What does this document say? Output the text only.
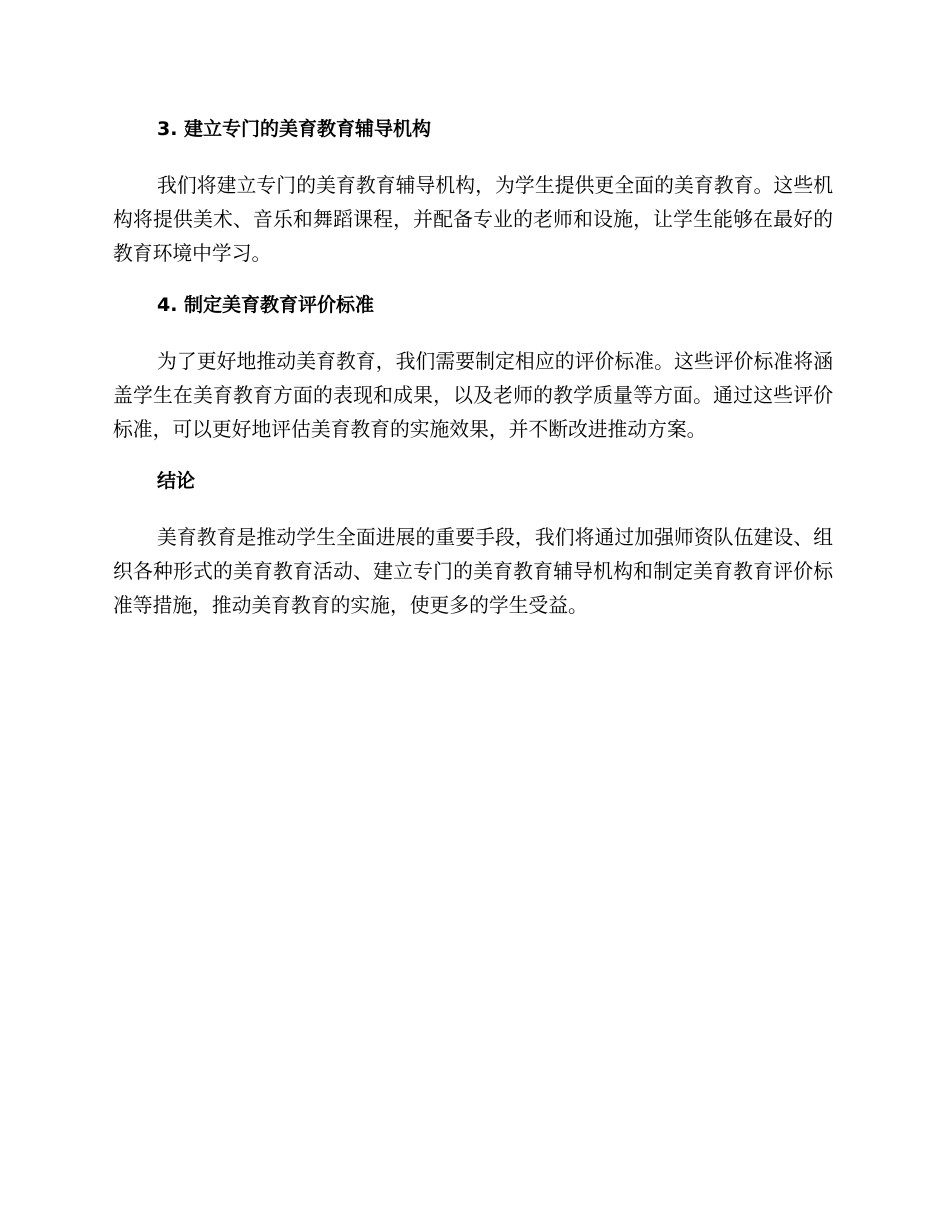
3. 建立专门的美育教育辅导机构

我们将建立专门的美育教育辅导机构，为学生提供更全面的美育教育。这些机构将提供美术、音乐和舞蹈课程，并配备专业的老师和设施，让学生能够在最好的教育环境中学习。

4. 制定美育教育评价标准

为了更好地推动美育教育，我们需要制定相应的评价标准。这些评价标准将涵盖学生在美育教育方面的表现和成果，以及老师的教学质量等方面。通过这些评价标准，可以更好地评估美育教育的实施效果，并不断改进推动方案。

结论

美育教育是推动学生全面进展的重要手段，我们将通过加强师资队伍建设、组织各种形式的美育教育活动、建立专门的美育教育辅导机构和制定美育教育评价标准等措施，推动美育教育的实施，使更多的学生受益。
